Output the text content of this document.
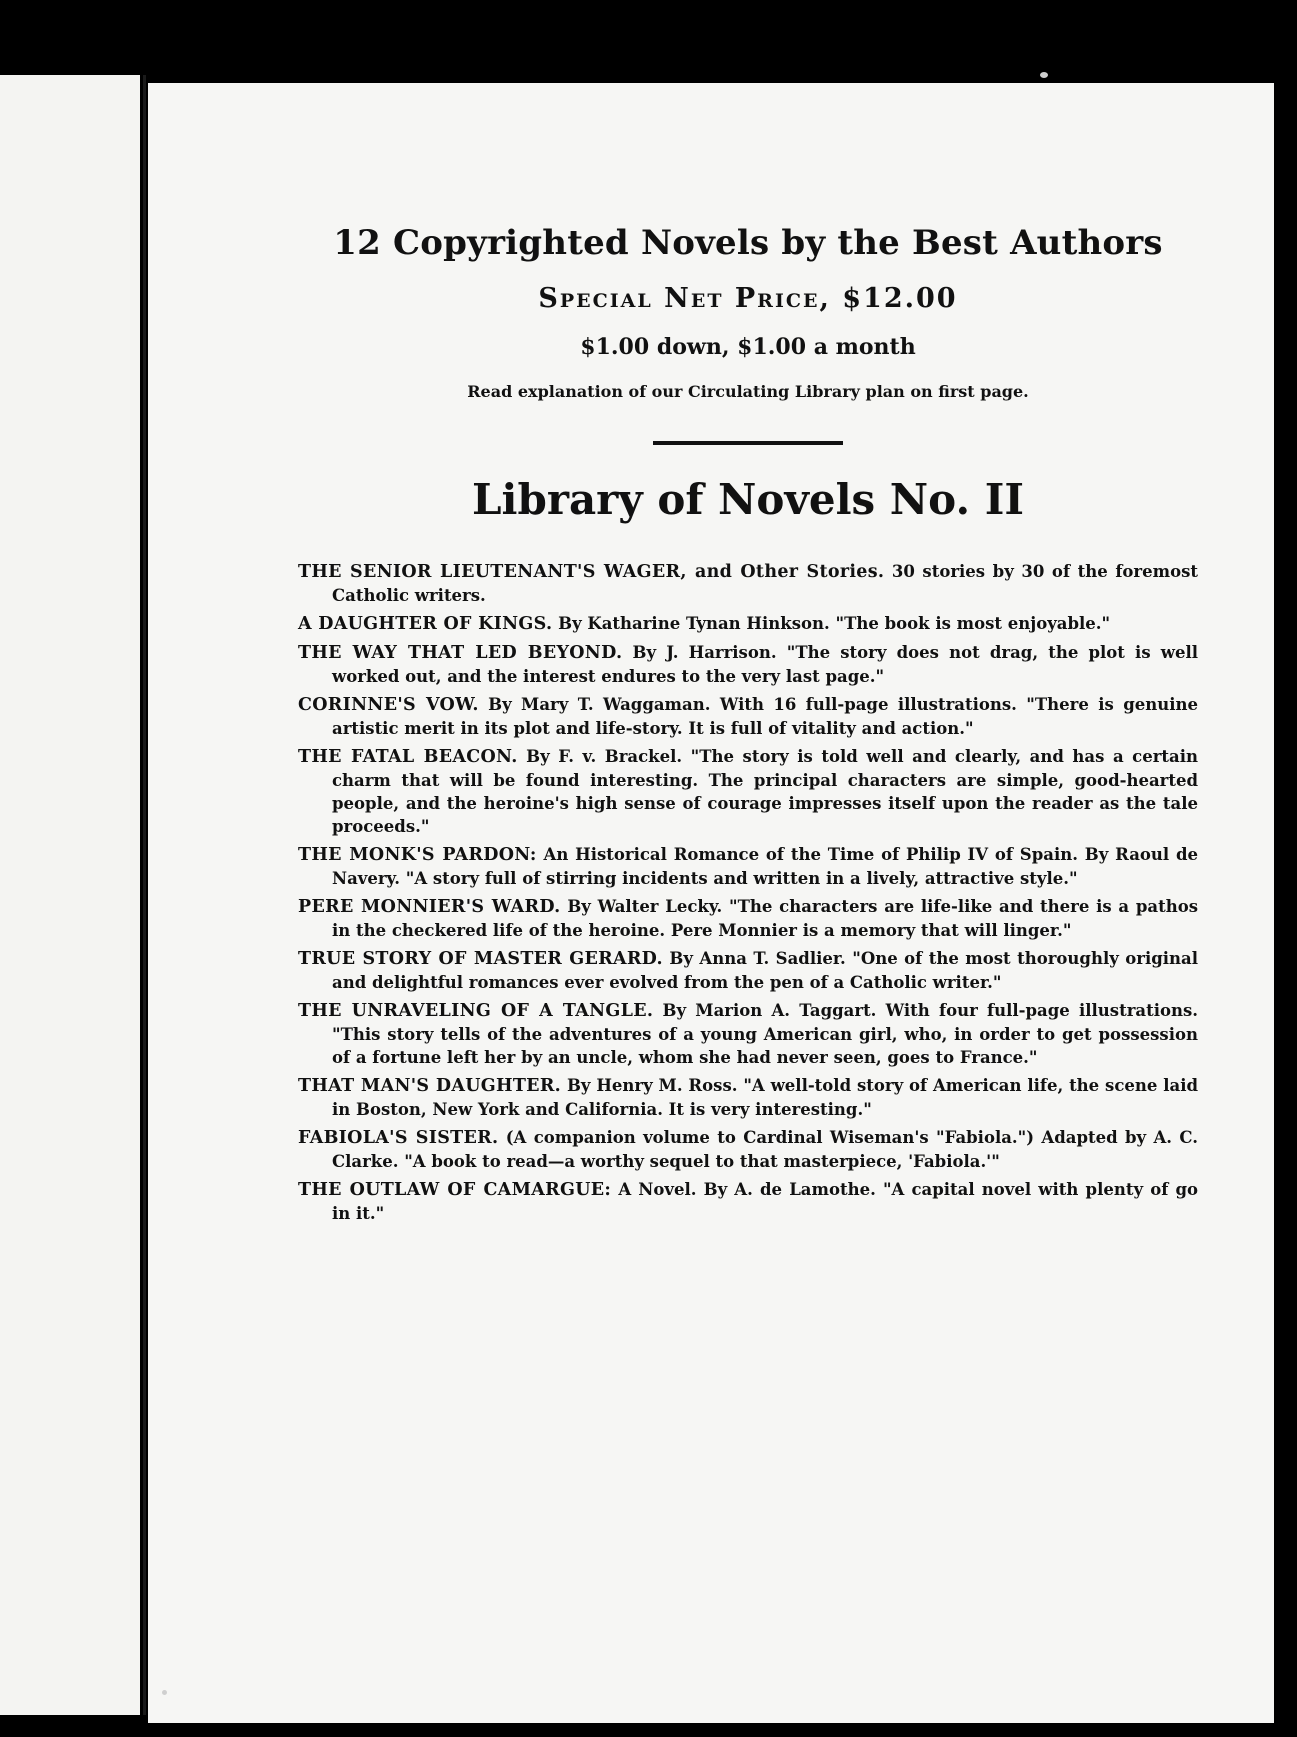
12 Copyrighted Novels by the Best Authors
Special Net Price, $12.00
$1.00 down, $1.00 a month
Read explanation of our Circulating Library plan on first page.
Library of Novels No. II
THE SENIOR LIEUTENANT'S WAGER, and Other Stories. 30 stories by 30 of the foremost Catholic writers.
A DAUGHTER OF KINGS. By Katharine Tynan Hinkson. "The book is most enjoyable."
THE WAY THAT LED BEYOND. By J. Harrison. "The story does not drag, the plot is well worked out, and the interest endures to the very last page."
CORINNE'S VOW. By Mary T. Waggaman. With 16 full-page illustrations. "There is genuine artistic merit in its plot and life-story. It is full of vitality and action."
THE FATAL BEACON. By F. v. Brackel. "The story is told well and clearly, and has a certain charm that will be found interesting. The principal characters are simple, good-hearted people, and the heroine's high sense of courage impresses itself upon the reader as the tale proceeds."
THE MONK'S PARDON: An Historical Romance of the Time of Philip IV of Spain. By Raoul de Navery. "A story full of stirring incidents and written in a lively, attractive style."
PERE MONNIER'S WARD. By Walter Lecky. "The characters are life-like and there is a pathos in the checkered life of the heroine. Pere Monnier is a memory that will linger."
TRUE STORY OF MASTER GERARD. By Anna T. Sadlier. "One of the most thoroughly original and delightful romances ever evolved from the pen of a Catholic writer."
THE UNRAVELING OF A TANGLE. By Marion A. Taggart. With four full-page illustrations. "This story tells of the adventures of a young American girl, who, in order to get possession of a fortune left her by an uncle, whom she had never seen, goes to France."
THAT MAN'S DAUGHTER. By Henry M. Ross. "A well-told story of American life, the scene laid in Boston, New York and California. It is very interesting."
FABIOLA'S SISTER. (A companion volume to Cardinal Wiseman's "Fabiola.") Adapted by A. C. Clarke. "A book to read—a worthy sequel to that masterpiece, 'Fabiola.'"
THE OUTLAW OF CAMARGUE: A Novel. By A. de Lamothe. "A capital novel with plenty of go in it."
